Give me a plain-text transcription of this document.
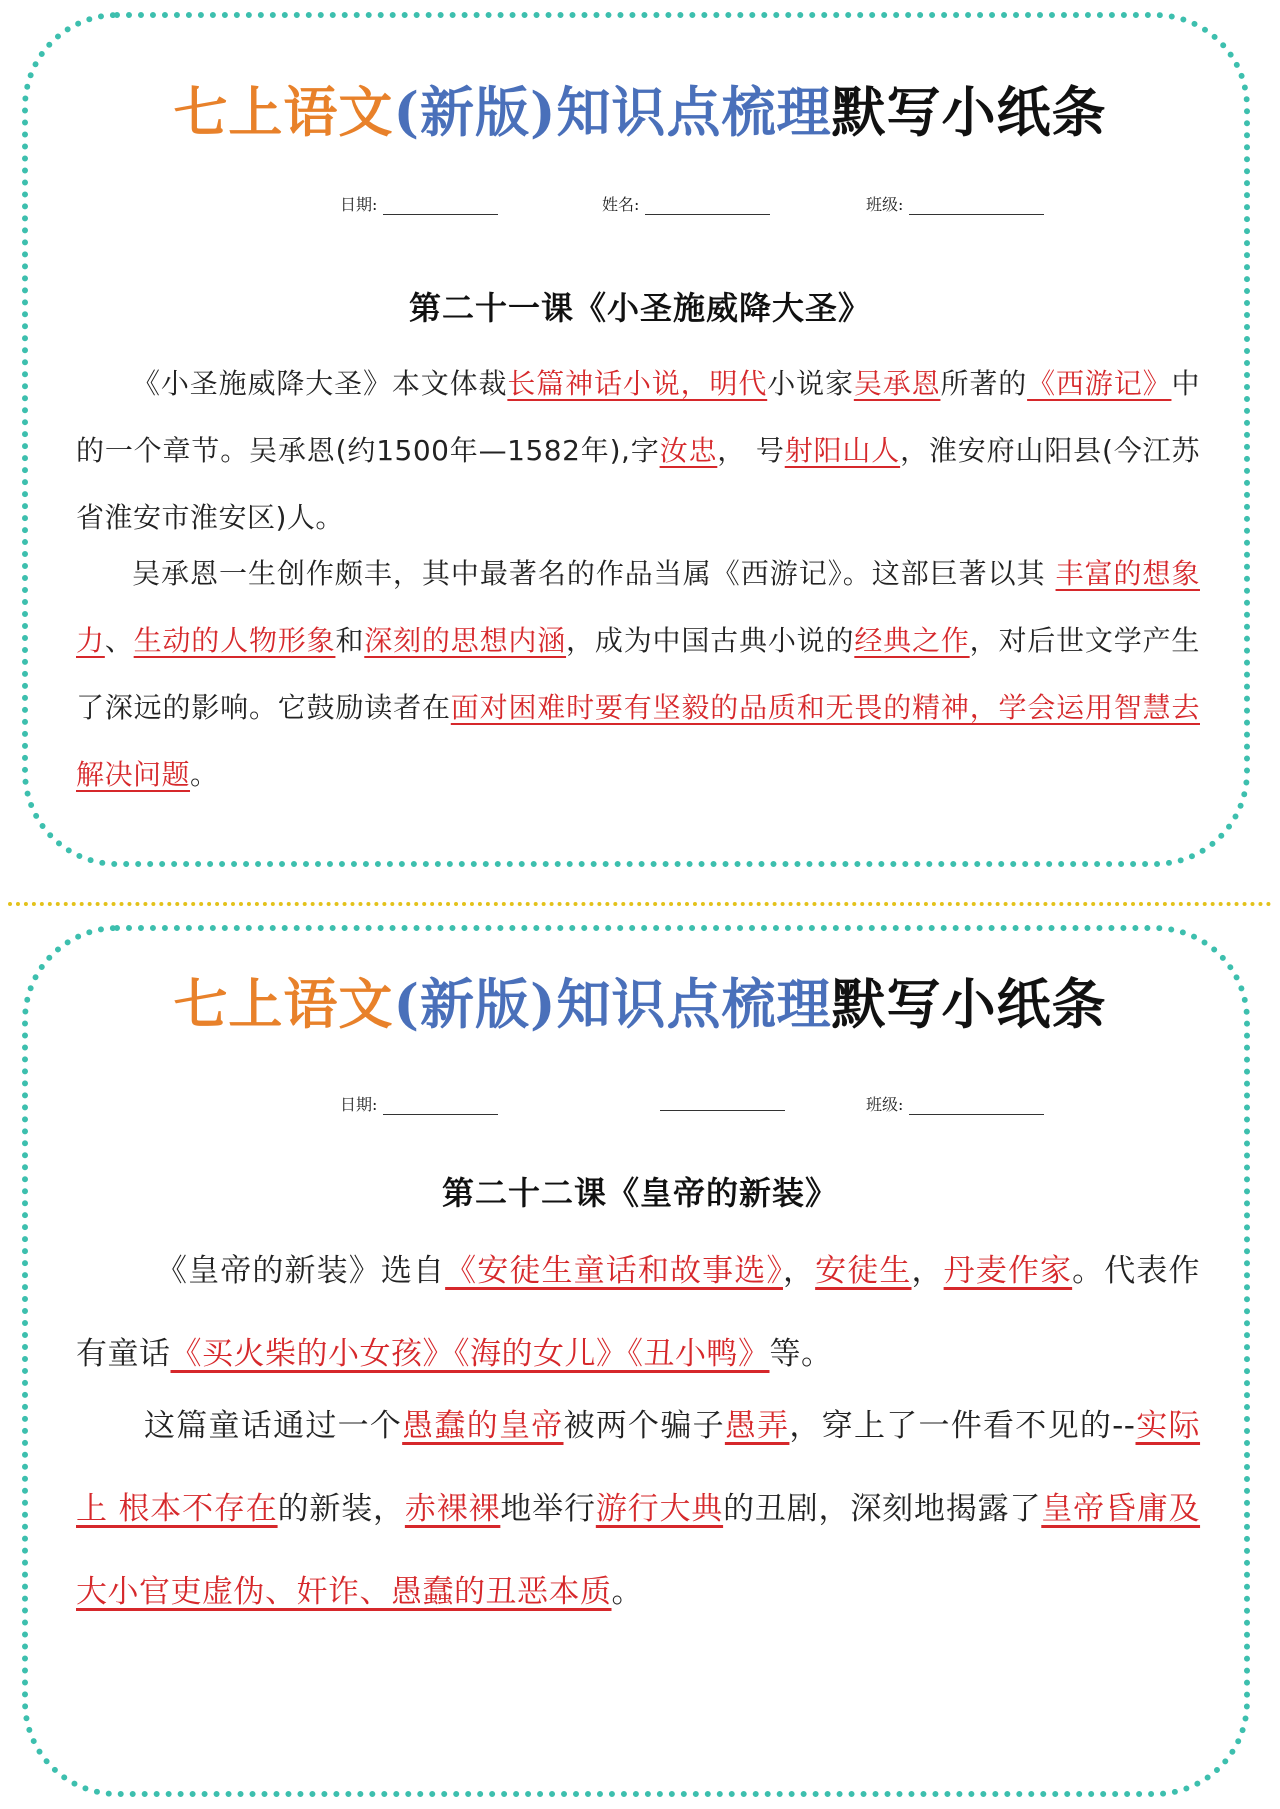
七上语文(新版)知识点梳理默写小纸条
日期:	姓名:	班级:
第二十一课《小圣施威降大圣》
《小圣施威降大圣》本文体裁长篇神话小说，明代小说家吴承恩所著的《西游记》中的一个章节。吴承恩(约1500年—1582年),字汝忠， 号射阳山人，淮安府山阳县(今江苏省淮安市淮安区)人。
吴承恩一生创作颇丰，其中最著名的作品当属《西游记》。这部巨著以其 丰富的想象力、生动的人物形象和深刻的思想内涵，成为中国古典小说的经典之作，对后世文学产生了深远的影响。它鼓励读者在面对困难时要有坚毅的品质和无畏的精神，学会运用智慧去解决问题。
七上语文(新版)知识点梳理默写小纸条
日期:	班级:
第二十二课《皇帝的新装》
《皇帝的新装》选自《安徒生童话和故事选》，安徒生，丹麦作家。代表作有童话《买火柴的小女孩》《海的女儿》《丑小鸭》等。
这篇童话通过一个愚蠢的皇帝被两个骗子愚弄，穿上了一件看不见的--实际上 根本不存在的新装，赤裸裸地举行游行大典的丑剧，深刻地揭露了皇帝昏庸及大小官吏虚伪、奸诈、愚蠢的丑恶本质。
